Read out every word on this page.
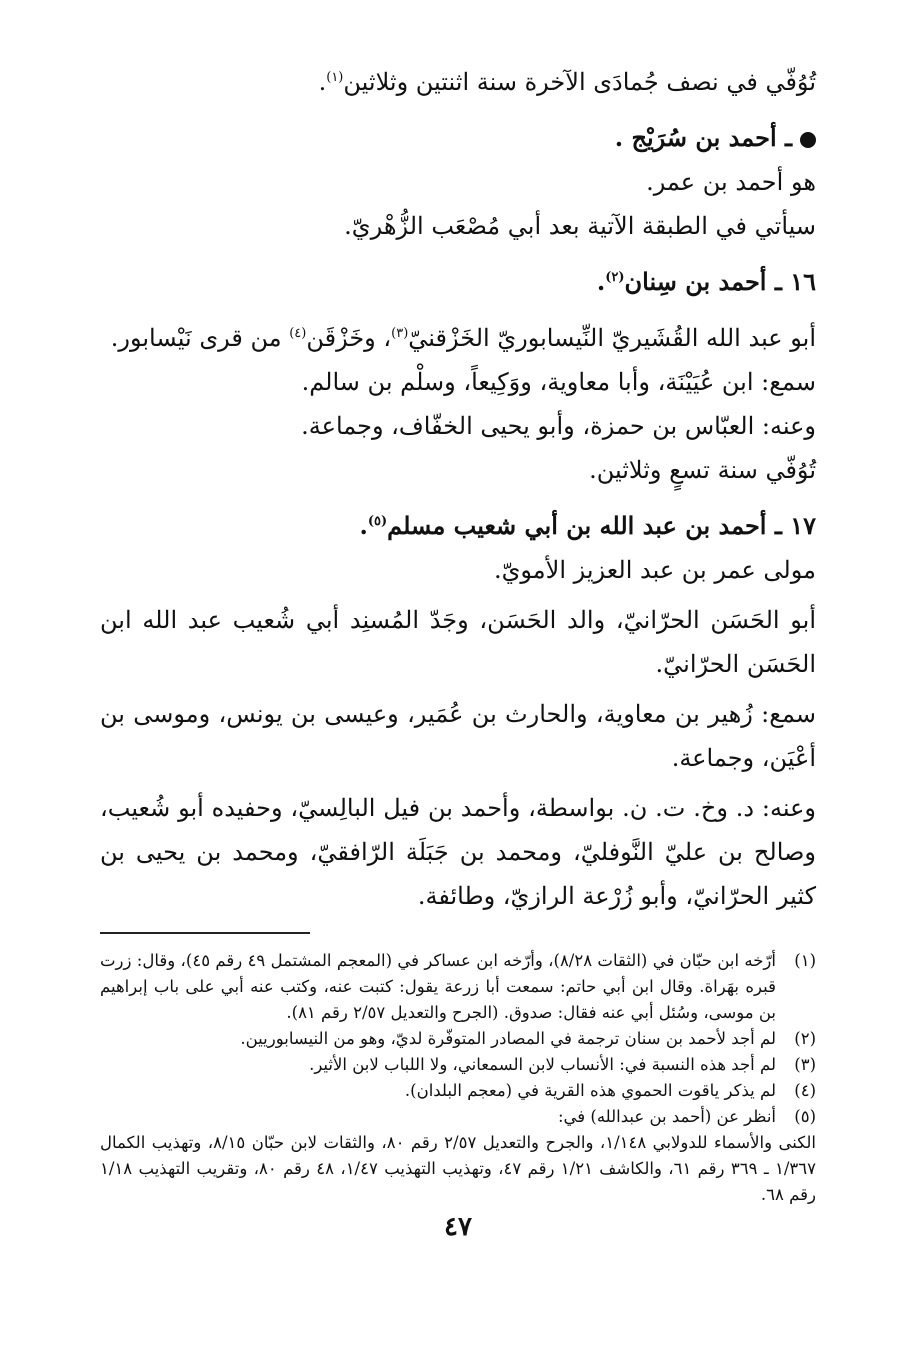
تُوُفّي في نصف جُمادَى الآخرة سنة اثنتين وثلاثين$^{(١)}$.
ـ أحمد بن سُرَيْج .
هو أحمد بن عمر.
سيأتي في الطبقة الآتية بعد أبي مُصْعَب الزُّهْريّ.
١٦ ـ أحمد بن سِنان$^{(٢)}$.
أبو عبد الله القُشَيريّ النِّيسابوريّ الخَزْقنيّ$^{(٣)}$، وخَزْقَن$^{(٤)}$ من قرى نَيْسابور.
سمع: ابن عُيَيْنَة، وأبا معاوية، ووَكِيعاً، وسلْم بن سالم.
وعنه: العبّاس بن حمزة، وأبو يحيى الخفّاف، وجماعة.
تُوُفّي سنة تسعٍ وثلاثين.
١٧ ـ أحمد بن عبد الله بن أبي شعيب مسلم$^{(٥)}$.
مولى عمر بن عبد العزيز الأمويّ.
أبو الحَسَن الحرّانيّ، والد الحَسَن، وجَدّ المُسنِد أبي شُعيب عبد الله ابن الحَسَن الحرّانيّ.
سمع: زُهير بن معاوية، والحارث بن عُمَير، وعيسى بن يونس، وموسى بن أعْيَن، وجماعة.
وعنه: د. وخ. ت. ن. بواسطة، وأحمد بن فيل البالِسيّ، وحفيده أبو شُعيب، وصالح بن عليّ النَّوفليّ، ومحمد بن جَبَلَة الرّافقيّ، ومحمد بن يحيى بن كثير الحرّانيّ، وأبو زُرْعة الرازيّ، وطائفة.
(١)
أرّخه ابن حبّان في (الثقات ٨/٢٨)، وأرّخه ابن عساكر في (المعجم المشتمل ٤٩ رقم ٤٥)، وقال: زرت قبره بهَراة. وقال ابن أبي حاتم: سمعت أبا زرعة يقول: كتبت عنه، وكتب عنه أبي على باب إبراهيم بن موسى، وسُئل أبي عنه فقال: صدوق. (الجرح والتعديل ٢/٥٧ رقم ٨١).
(٢)
لم أجد لأحمد بن سنان ترجمة في المصادر المتوفّرة لديّ، وهو من النيسابوريين.
(٣)
لم أجد هذه النسبة في: الأنساب لابن السمعاني، ولا اللباب لابن الأثير.
(٤)
لم يذكر ياقوت الحموي هذه القرية في (معجم البلدان).
(٥)
أنظر عن (أحمد بن عبدالله) في:
الكنى والأسماء للدولابي ١/١٤٨، والجرح والتعديل ٢/٥٧ رقم ٨٠، والثقات لابن حبّان ٨/١٥، وتهذيب الكمال ١/٣٦٧ ـ ٣٦٩ رقم ٦١، والكاشف ١/٢١ رقم ٤٧، وتهذيب التهذيب ١/٤٧، ٤٨ رقم ٨٠، وتقريب التهذيب ١/١٨ رقم ٦٨.
٤٧
